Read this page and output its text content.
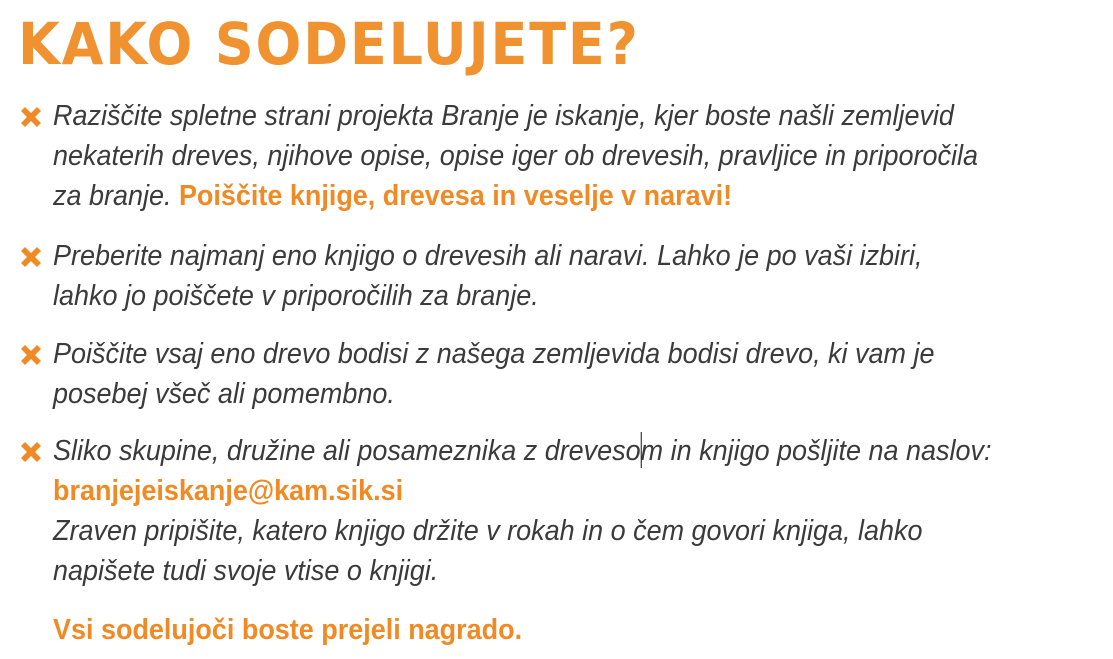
KAKO SODELUJETE?
Raziščite spletne strani projekta Branje je iskanje, kjer boste našli zemljevid
nekaterih dreves, njihove opise, opise iger ob drevesih, pravljice in priporočila
za branje. Poiščite knjige, drevesa in veselje v naravi!
Preberite najmanj eno knjigo o drevesih ali naravi. Lahko je po vaši izbiri,
lahko jo poiščete v priporočilih za branje.
Poiščite vsaj eno drevo bodisi z našega zemljevida bodisi drevo, ki vam je
posebej všeč ali pomembno.
Sliko skupine, družine ali posameznika z drevesom in knjigo pošljite na naslov:
branjejeiskanje@kam.sik.si
Zraven pripišite, katero knjigo držite v rokah in o čem govori knjiga, lahko
napišete tudi svoje vtise o knjigi.
Vsi sodelujoči boste prejeli nagrado.
